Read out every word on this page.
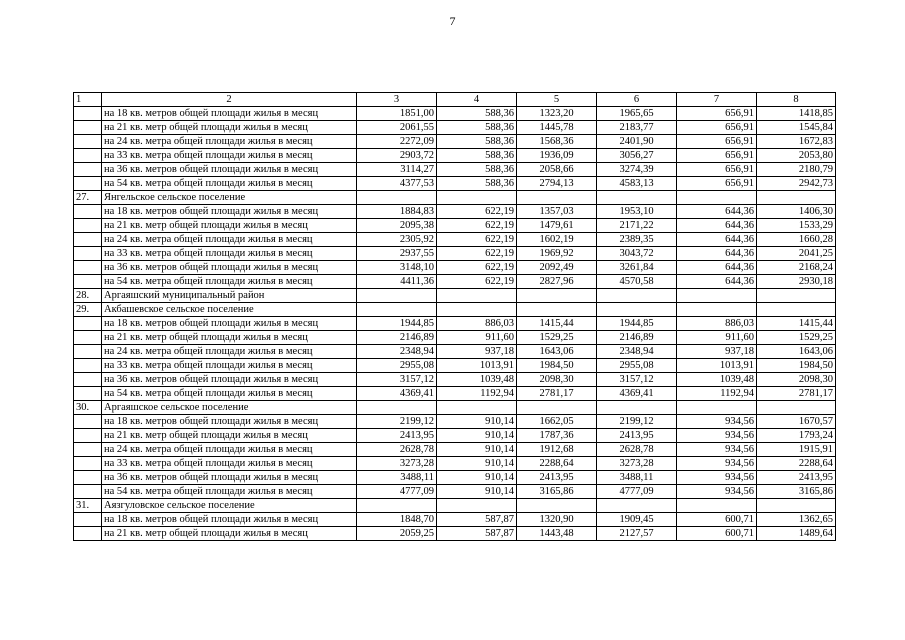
7
1	2	3	4	5	6	7	8
	на 18 кв. метров общей площади жилья в месяц	1851,00	588,36	1323,20	1965,65	656,91	1418,85
	на 21 кв. метр общей площади жилья в месяц	2061,55	588,36	1445,78	2183,77	656,91	1545,84
	на 24 кв. метра общей площади жилья в месяц	2272,09	588,36	1568,36	2401,90	656,91	1672,83
	на 33 кв. метра общей площади жилья в месяц	2903,72	588,36	1936,09	3056,27	656,91	2053,80
	на 36 кв. метров общей площади жилья в месяц	3114,27	588,36	2058,66	3274,39	656,91	2180,79
	на 54 кв. метра общей площади жилья в месяц	4377,53	588,36	2794,13	4583,13	656,91	2942,73
27.	Янгельское сельское поселение						
	на 18 кв. метров общей площади жилья в месяц	1884,83	622,19	1357,03	1953,10	644,36	1406,30
	на 21 кв. метр общей площади жилья в месяц	2095,38	622,19	1479,61	2171,22	644,36	1533,29
	на 24 кв. метра общей площади жилья в месяц	2305,92	622,19	1602,19	2389,35	644,36	1660,28
	на 33 кв. метра общей площади жилья в месяц	2937,55	622,19	1969,92	3043,72	644,36	2041,25
	на 36 кв. метров общей площади жилья в месяц	3148,10	622,19	2092,49	3261,84	644,36	2168,24
	на 54 кв. метра общей площади жилья в месяц	4411,36	622,19	2827,96	4570,58	644,36	2930,18
28.	Аргаяшский муниципальный район						
29.	Акбашевское сельское поселение						
	на 18 кв. метров общей площади жилья в месяц	1944,85	886,03	1415,44	1944,85	886,03	1415,44
	на 21 кв. метр общей площади жилья в месяц	2146,89	911,60	1529,25	2146,89	911,60	1529,25
	на 24 кв. метра общей площади жилья в месяц	2348,94	937,18	1643,06	2348,94	937,18	1643,06
	на 33 кв. метра общей площади жилья в месяц	2955,08	1013,91	1984,50	2955,08	1013,91	1984,50
	на 36 кв. метров общей площади жилья в месяц	3157,12	1039,48	2098,30	3157,12	1039,48	2098,30
	на 54 кв. метра общей площади жилья в месяц	4369,41	1192,94	2781,17	4369,41	1192,94	2781,17
30.	Аргаяшское сельское поселение						
	на 18 кв. метров общей площади жилья в месяц	2199,12	910,14	1662,05	2199,12	934,56	1670,57
	на 21 кв. метр общей площади жилья в месяц	2413,95	910,14	1787,36	2413,95	934,56	1793,24
	на 24 кв. метра общей площади жилья в месяц	2628,78	910,14	1912,68	2628,78	934,56	1915,91
	на 33 кв. метра общей площади жилья в месяц	3273,28	910,14	2288,64	3273,28	934,56	2288,64
	на 36 кв. метров общей площади жилья в месяц	3488,11	910,14	2413,95	3488,11	934,56	2413,95
	на 54 кв. метра общей площади жилья в месяц	4777,09	910,14	3165,86	4777,09	934,56	3165,86
31.	Аязгуловское сельское поселение						
	на 18 кв. метров общей площади жилья в месяц	1848,70	587,87	1320,90	1909,45	600,71	1362,65
	на 21 кв. метр общей площади жилья в месяц	2059,25	587,87	1443,48	2127,57	600,71	1489,64
